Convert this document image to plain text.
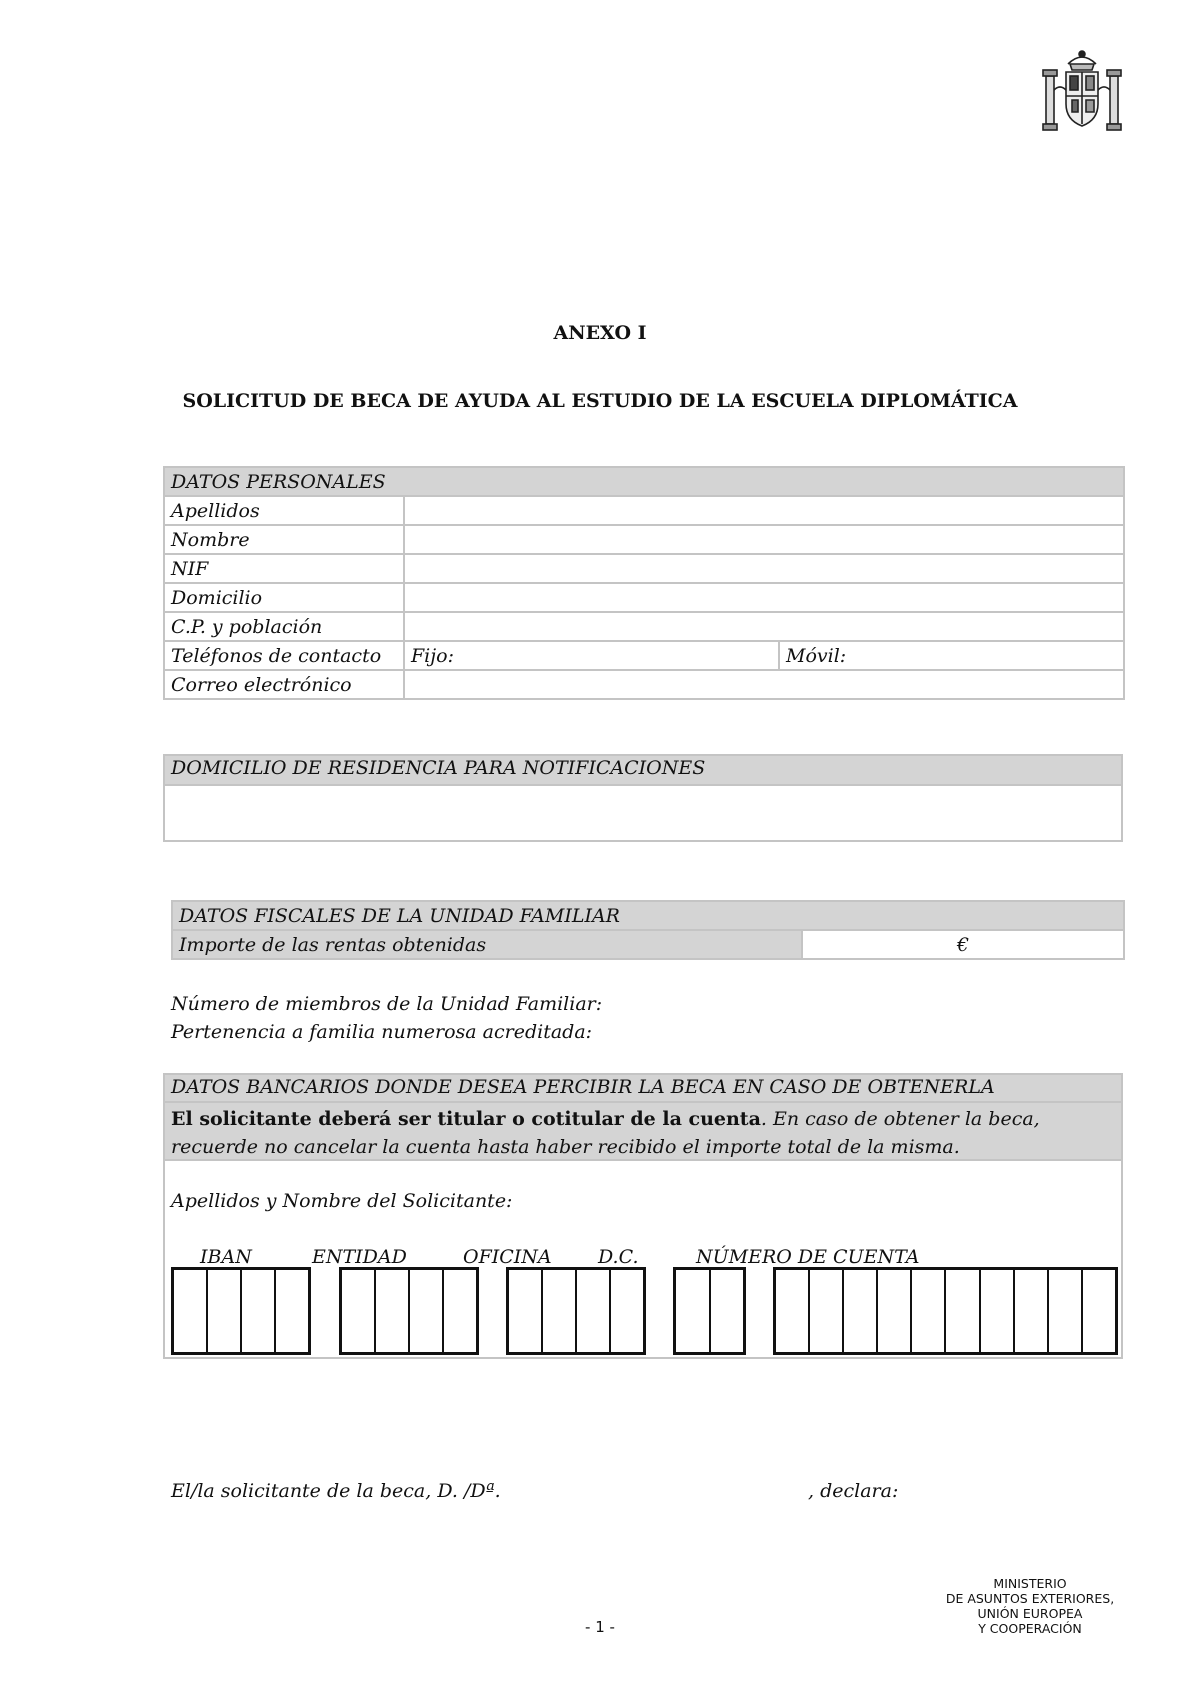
ANEXO I
SOLICITUD DE BECA DE AYUDA AL ESTUDIO DE LA ESCUELA DIPLOMÁTICA
DATOS PERSONALES		
Apellidos		
Nombre		
NIF		
Domicilio		
C.P. y población		
Teléfonos de contacto	Fijo:	Móvil:
Correo electrónico		
DOMICILIO DE RESIDENCIA PARA NOTIFICACIONES
DATOS FISCALES DE LA UNIDAD FAMILIAR
Importe de las rentas obtenidas	€
Número de miembros de la Unidad Familiar:
Pertenencia a familia numerosa acreditada:
DATOS BANCARIOS DONDE DESEA PERCIBIR LA BECA EN CASO DE OBTENERLA
El solicitante deberá ser titular o cotitular de la cuenta. En caso de obtener la beca,
recuerde no cancelar la cuenta hasta haber recibido el importe total de la misma.
Apellidos y Nombre del Solicitante:
IBAN	ENTIDAD	OFICINA D.C.	NÚMERO DE CUENTA
El/la solicitante de la beca, D. /Dª.	, declara:
MINISTERIO
DE ASUNTOS EXTERIORES,
UNIÓN EUROPEA
Y COOPERACIÓN
- 1 -
